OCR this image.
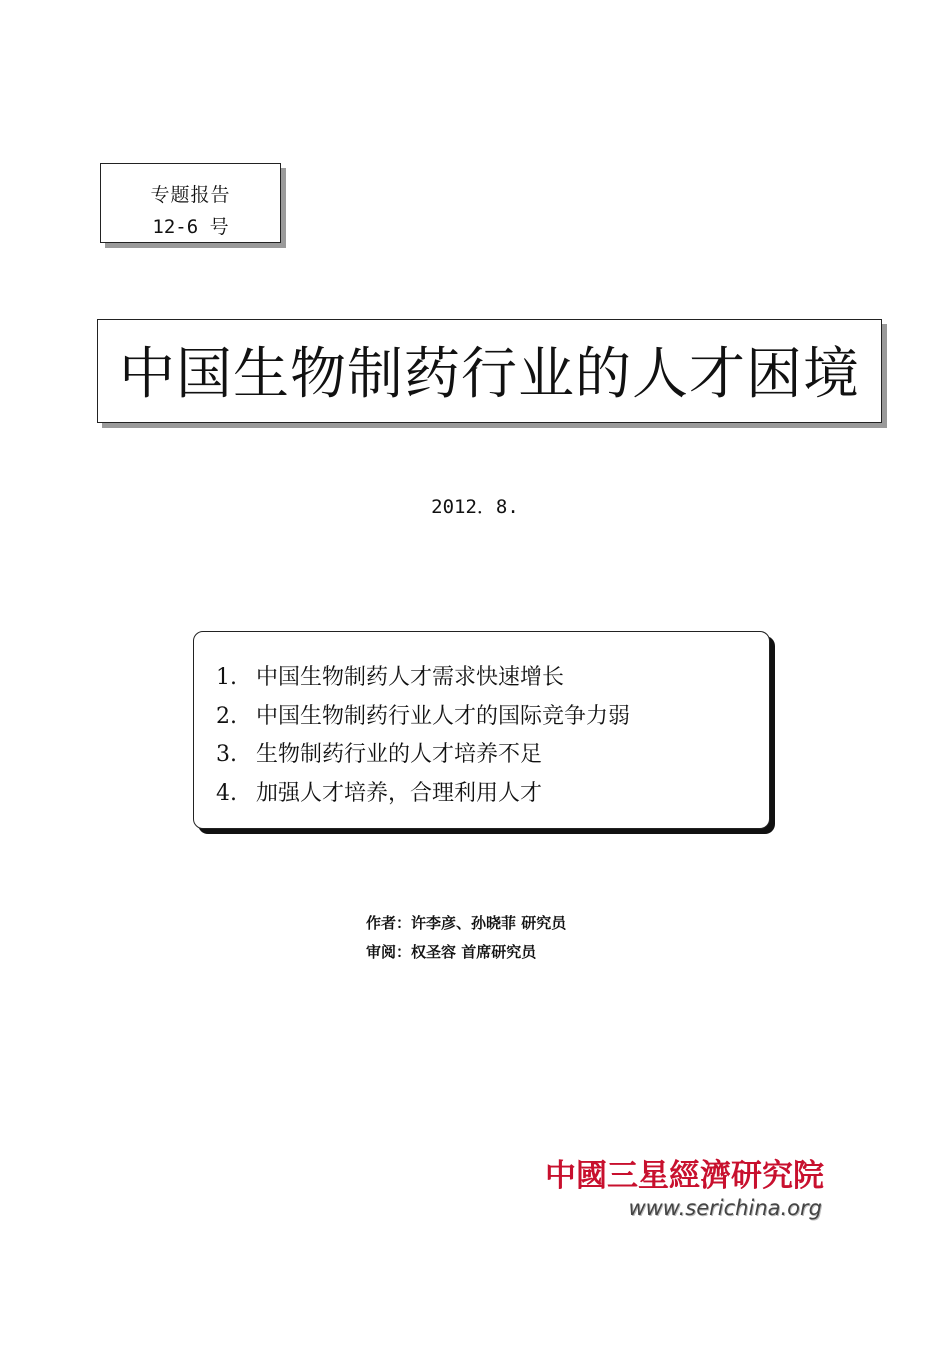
专题报告
12-6 号
中国生物制药行业的人才困境
2012．8.
1. 中国生物制药人才需求快速增长
2. 中国生物制药行业人才的国际竞争力弱
3. 生物制药行业的人才培养不足
4. 加强人才培养，合理利用人才
作者：许李彦、孙晓菲 研究员
审阅：权圣容 首席研究员
中國三星經濟研究院
www.serichina.org
